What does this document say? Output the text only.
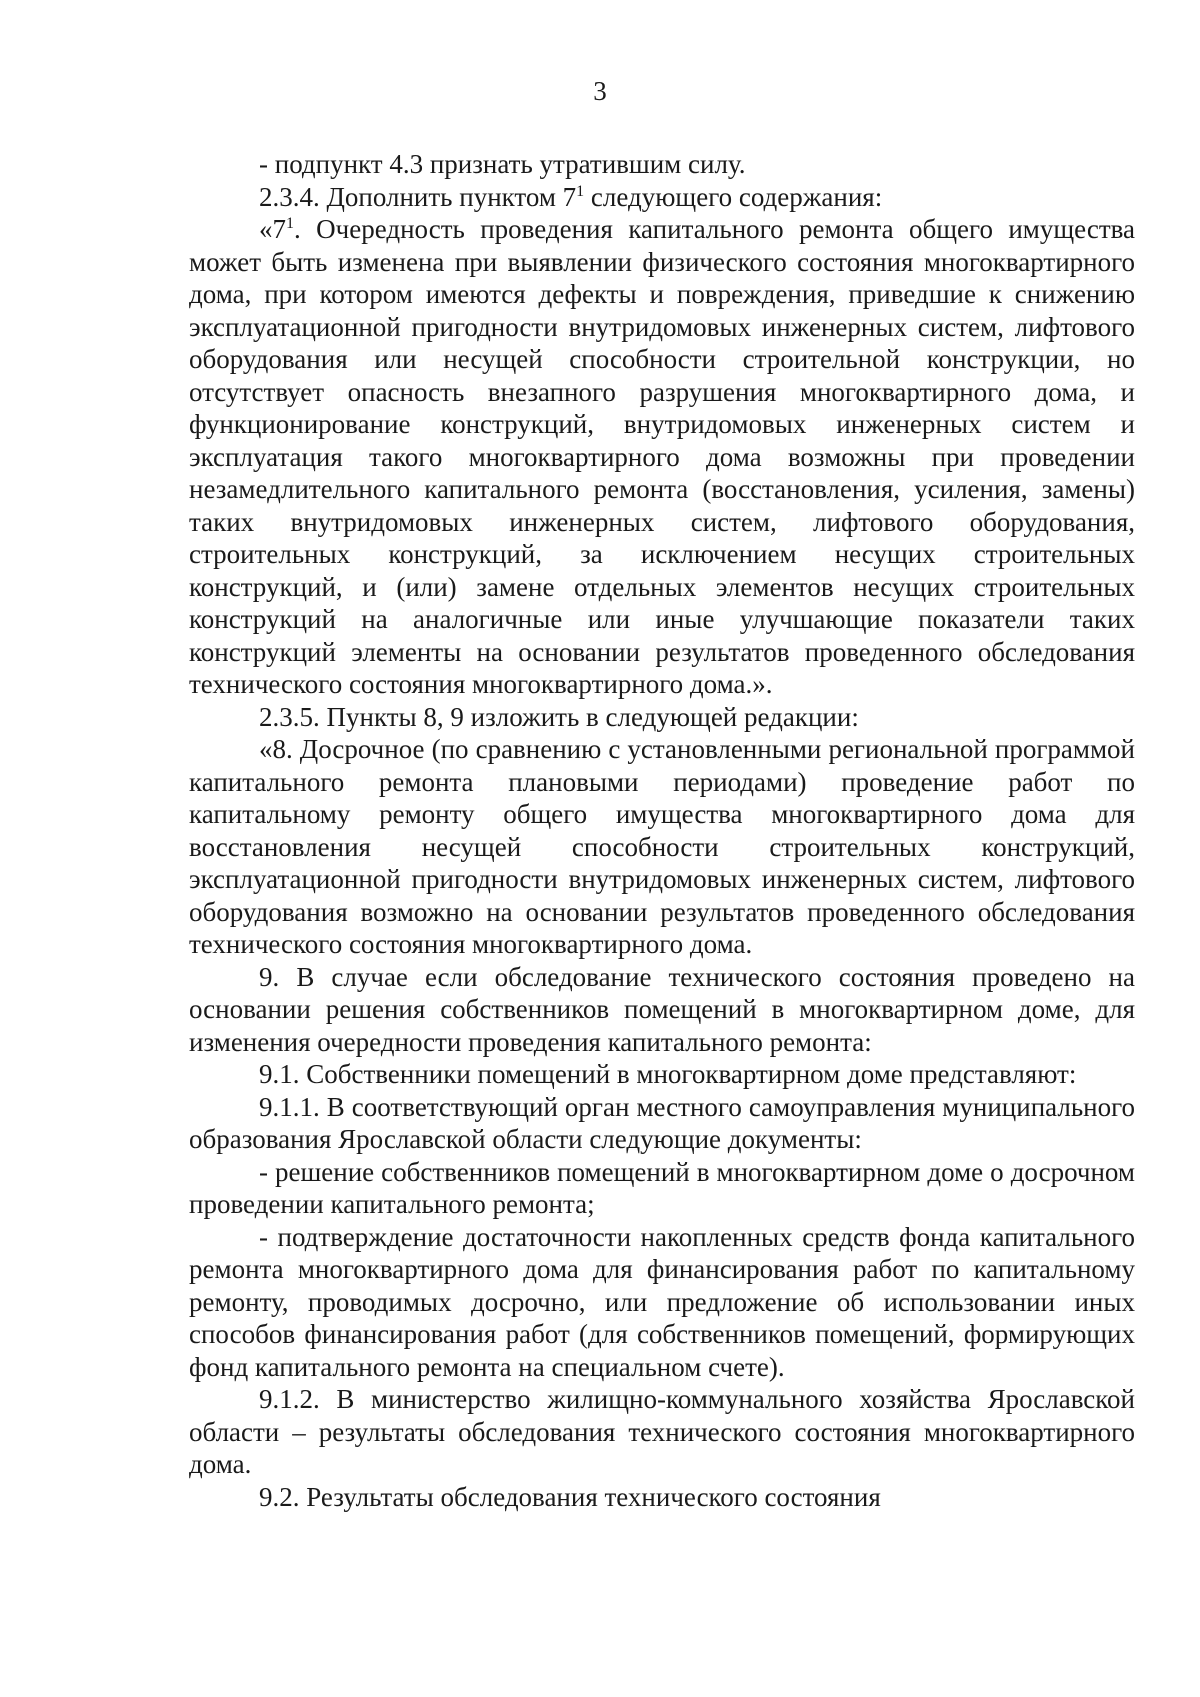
3

- подпункт 4.3 признать утратившим силу.

2.3.4. Дополнить пунктом $7^1$ следующего содержания:

«$7^1$. Очередность проведения капитального ремонта общего имущества может быть изменена при выявлении физического состояния многоквартирного дома, при котором имеются дефекты и повреждения, приведшие к снижению эксплуатационной пригодности внутридомовых инженерных систем, лифтового оборудования или несущей способности строительной конструкции, но отсутствует опасность внезапного разрушения многоквартирного дома, и функционирование конструкций, внутридомовых инженерных систем и эксплуатация такого многоквартирного дома возможны при проведении незамедлительного капитального ремонта (восстановления, усиления, замены) таких внутридомовых инженерных систем, лифтового оборудования, строительных конструкций, за исключением несущих строительных конструкций, и (или) замене отдельных элементов несущих строительных конструкций на аналогичные или иные улучшающие показатели таких конструкций элементы на основании результатов проведенного обследования технического состояния многоквартирного дома.».

2.3.5. Пункты 8, 9 изложить в следующей редакции:

«8. Досрочное (по сравнению с установленными региональной программой капитального ремонта плановыми периодами) проведение работ по капитальному ремонту общего имущества многоквартирного дома для восстановления несущей способности строительных конструкций, эксплуатационной пригодности внутридомовых инженерных систем, лифтового оборудования возможно на основании результатов проведенного обследования технического состояния многоквартирного дома.

9. В случае если обследование технического состояния проведено на основании решения собственников помещений в многоквартирном доме, для изменения очередности проведения капитального ремонта:

9.1. Собственники помещений в многоквартирном доме представляют:

9.1.1. В соответствующий орган местного самоуправления муниципального образования Ярославской области следующие документы:

- решение собственников помещений в многоквартирном доме о досрочном проведении капитального ремонта;

- подтверждение достаточности накопленных средств фонда капитального ремонта многоквартирного дома для финансирования работ по капитальному ремонту, проводимых досрочно, или предложение об использовании иных способов финансирования работ (для собственников помещений, формирующих фонд капитального ремонта на специальном счете).

9.1.2. В министерство жилищно-коммунального хозяйства Ярославской области – результаты обследования технического состояния многоквартирного дома.

9.2. Результаты обследования технического состояния
